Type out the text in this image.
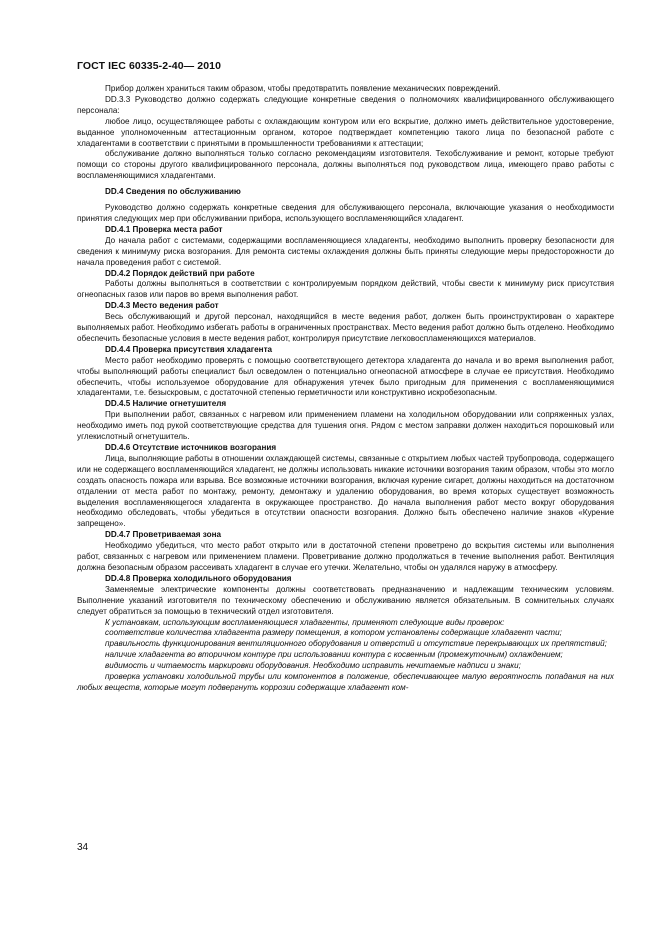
ГОСТ IEC 60335-2-40— 2010

Прибор должен храниться таким образом, чтобы предотвратить появление механических повреждений.

DD.3.3 Руководство должно содержать следующие конкретные сведения о полномочиях квалифицированного обслуживающего персонала:

любое лицо, осуществляющее работы с охлаждающим контуром или его вскрытие, должно иметь действительное удостоверение, выданное уполномоченным аттестационным органом, которое подтверждает компетенцию такого лица по безопасной работе с хладагентами в соответствии с принятыми в промышленности требованиями к аттестации;

обслуживание должно выполняться только согласно рекомендациям изготовителя. Техобслуживание и ремонт, которые требуют помощи со стороны другого квалифицированного персонала, должны выполняться под руководством лица, имеющего право работы с воспламеняющимися хладагентами.

DD.4 Сведения по обслуживанию

Руководство должно содержать конкретные сведения для обслуживающего персонала, включающие указания о необходимости принятия следующих мер при обслуживании прибора, использующего воспламеняющийся хладагент.

DD.4.1 Проверка места работ

До начала работ с системами, содержащими воспламеняющиеся хладагенты, необходимо выполнить проверку безопасности для сведения к минимуму риска возгорания. Для ремонта системы охлаждения должны быть приняты следующие меры предосторожности до начала проведения работ с системой.

DD.4.2 Порядок действий при работе

Работы должны выполняться в соответствии с контролируемым порядком действий, чтобы свести к минимуму риск присутствия огнеопасных газов или паров во время выполнения работ.

DD.4.3 Место ведения работ

Весь обслуживающий и другой персонал, находящийся в месте ведения работ, должен быть проинструктирован о характере выполняемых работ. Необходимо избегать работы в ограниченных пространствах. Место ведения работ должно быть отделено. Необходимо обеспечить безопасные условия в месте ведения работ, контролируя присутствие легковоспламеняющихся материалов.

DD.4.4 Проверка присутствия хладагента

Место работ необходимо проверять с помощью соответствующего детектора хладагента до начала и во время выполнения работ, чтобы выполняющий работы специалист был осведомлен о потенциально огнеопасной атмосфере в случае ее присутствия. Необходимо обеспечить, чтобы используемое оборудование для обнаружения утечек было пригодным для применения с воспламеняющимися хладагентами, т.е. безыскровым, с достаточной степенью герметичности или конструктивно искробезопасным.

DD.4.5 Наличие огнетушителя

При выполнении работ, связанных с нагревом или применением пламени на холодильном оборудовании или сопряженных узлах, необходимо иметь под рукой соответствующие средства для тушения огня. Рядом с местом заправки должен находиться порошковый или углекислотный огнетушитель.

DD.4.6 Отсутствие источников возгорания

Лица, выполняющие работы в отношении охлаждающей системы, связанные с открытием любых частей трубопровода, содержащего или не содержащего воспламеняющийся хладагент, не должны использовать никакие источники возгорания таким образом, чтобы это могло создать опасность пожара или взрыва. Все возможные источники возгорания, включая курение сигарет, должны находиться на достаточном отдалении от места работ по монтажу, ремонту, демонтажу и удалению оборудования, во время которых существует возможность выделения воспламеняющегося хладагента в окружающее пространство. До начала выполнения работ место вокруг оборудования необходимо обследовать, чтобы убедиться в отсутствии опасности возгорания. Должно быть обеспечено наличие знаков «Курение запрещено».

DD.4.7 Проветриваемая зона

Необходимо убедиться, что место работ открыто или в достаточной степени проветрено до вскрытия системы или выполнения работ, связанных с нагревом или применением пламени. Проветривание должно продолжаться в течение выполнения работ. Вентиляция должна безопасным образом рассеивать хладагент в случае его утечки. Желательно, чтобы он удалялся наружу в атмосферу.

DD.4.8 Проверка холодильного оборудования

Заменяемые электрические компоненты должны соответствовать предназначению и надлежащим техническим условиям. Выполнение указаний изготовителя по техническому обеспечению и обслуживанию является обязательным. В сомнительных случаях следует обратиться за помощью в технический отдел изготовителя.

К установкам, использующим воспламеняющиеся хладагенты, применяют следующие виды проверок:

соответствие количества хладагента размеру помещения, в котором установлены содержащие хладагент части;

правильность функционирования вентиляционного оборудования и отверстий и отсутствие перекрывающих их препятствий;

наличие хладагента во вторичном контуре при использовании контура с косвенным (промежуточным) охлаждением;

видимость и читаемость маркировки оборудования. Необходимо исправить нечитаемые надписи и знаки;

проверка установки холодильной трубы или компонентов в положение, обеспечивающее малую вероятность попадания на них любых веществ, которые могут подвергнуть коррозии содержащие хладагент ком-

34
